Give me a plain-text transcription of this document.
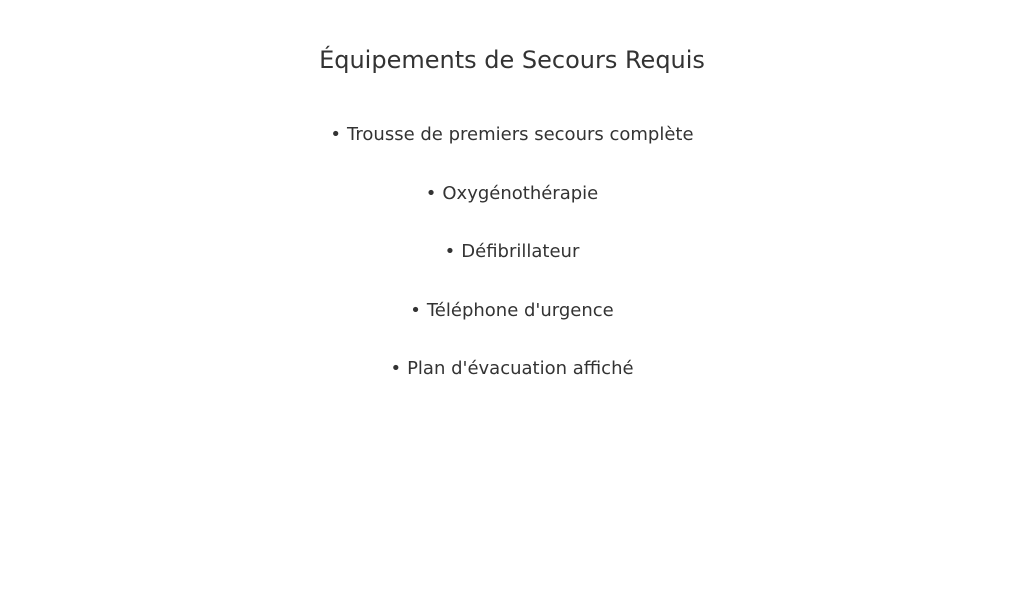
Équipements de Secours Requis
• Trousse de premiers secours complète
• Oxygénothérapie
• Défibrillateur
• Téléphone d'urgence
• Plan d'évacuation affiché
